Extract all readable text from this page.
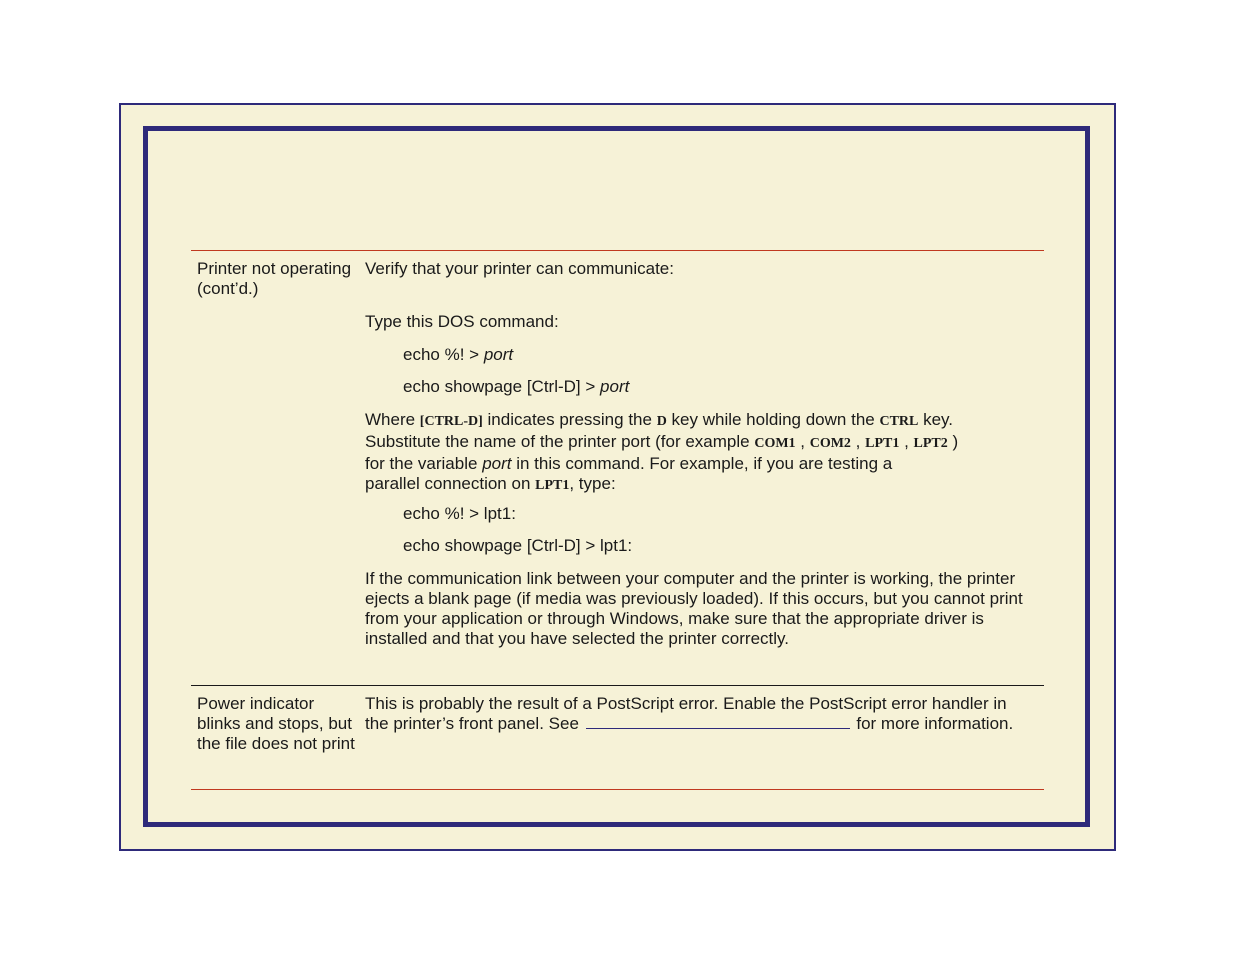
Printer not operating (cont’d.)
Verify that your printer can communicate:
Type this DOS command:
echo %! > port
echo showpage [Ctrl-D] > port
Where [CTRL-D] indicates pressing the D key while holding down the CTRL key.
Substitute the name of the printer port (for example COM1 , COM2 , LPT1 , LPT2 )
for the variable port in this command. For example, if you are testing a
parallel connection on LPT1, type:
echo %! > lpt1:
echo showpage [Ctrl-D] > lpt1:
If the communication link between your computer and the printer is working, the printer ejects a blank page (if media was previously loaded). If this occurs, but you cannot print from your application or through Windows, make sure that the appropriate driver is installed and that you have selected the printer correctly.
Power indicator blinks and stops, but the file does not print
This is probably the result of a PostScript error. Enable the PostScript error handler in the printer’s front panel. See	for more information.
